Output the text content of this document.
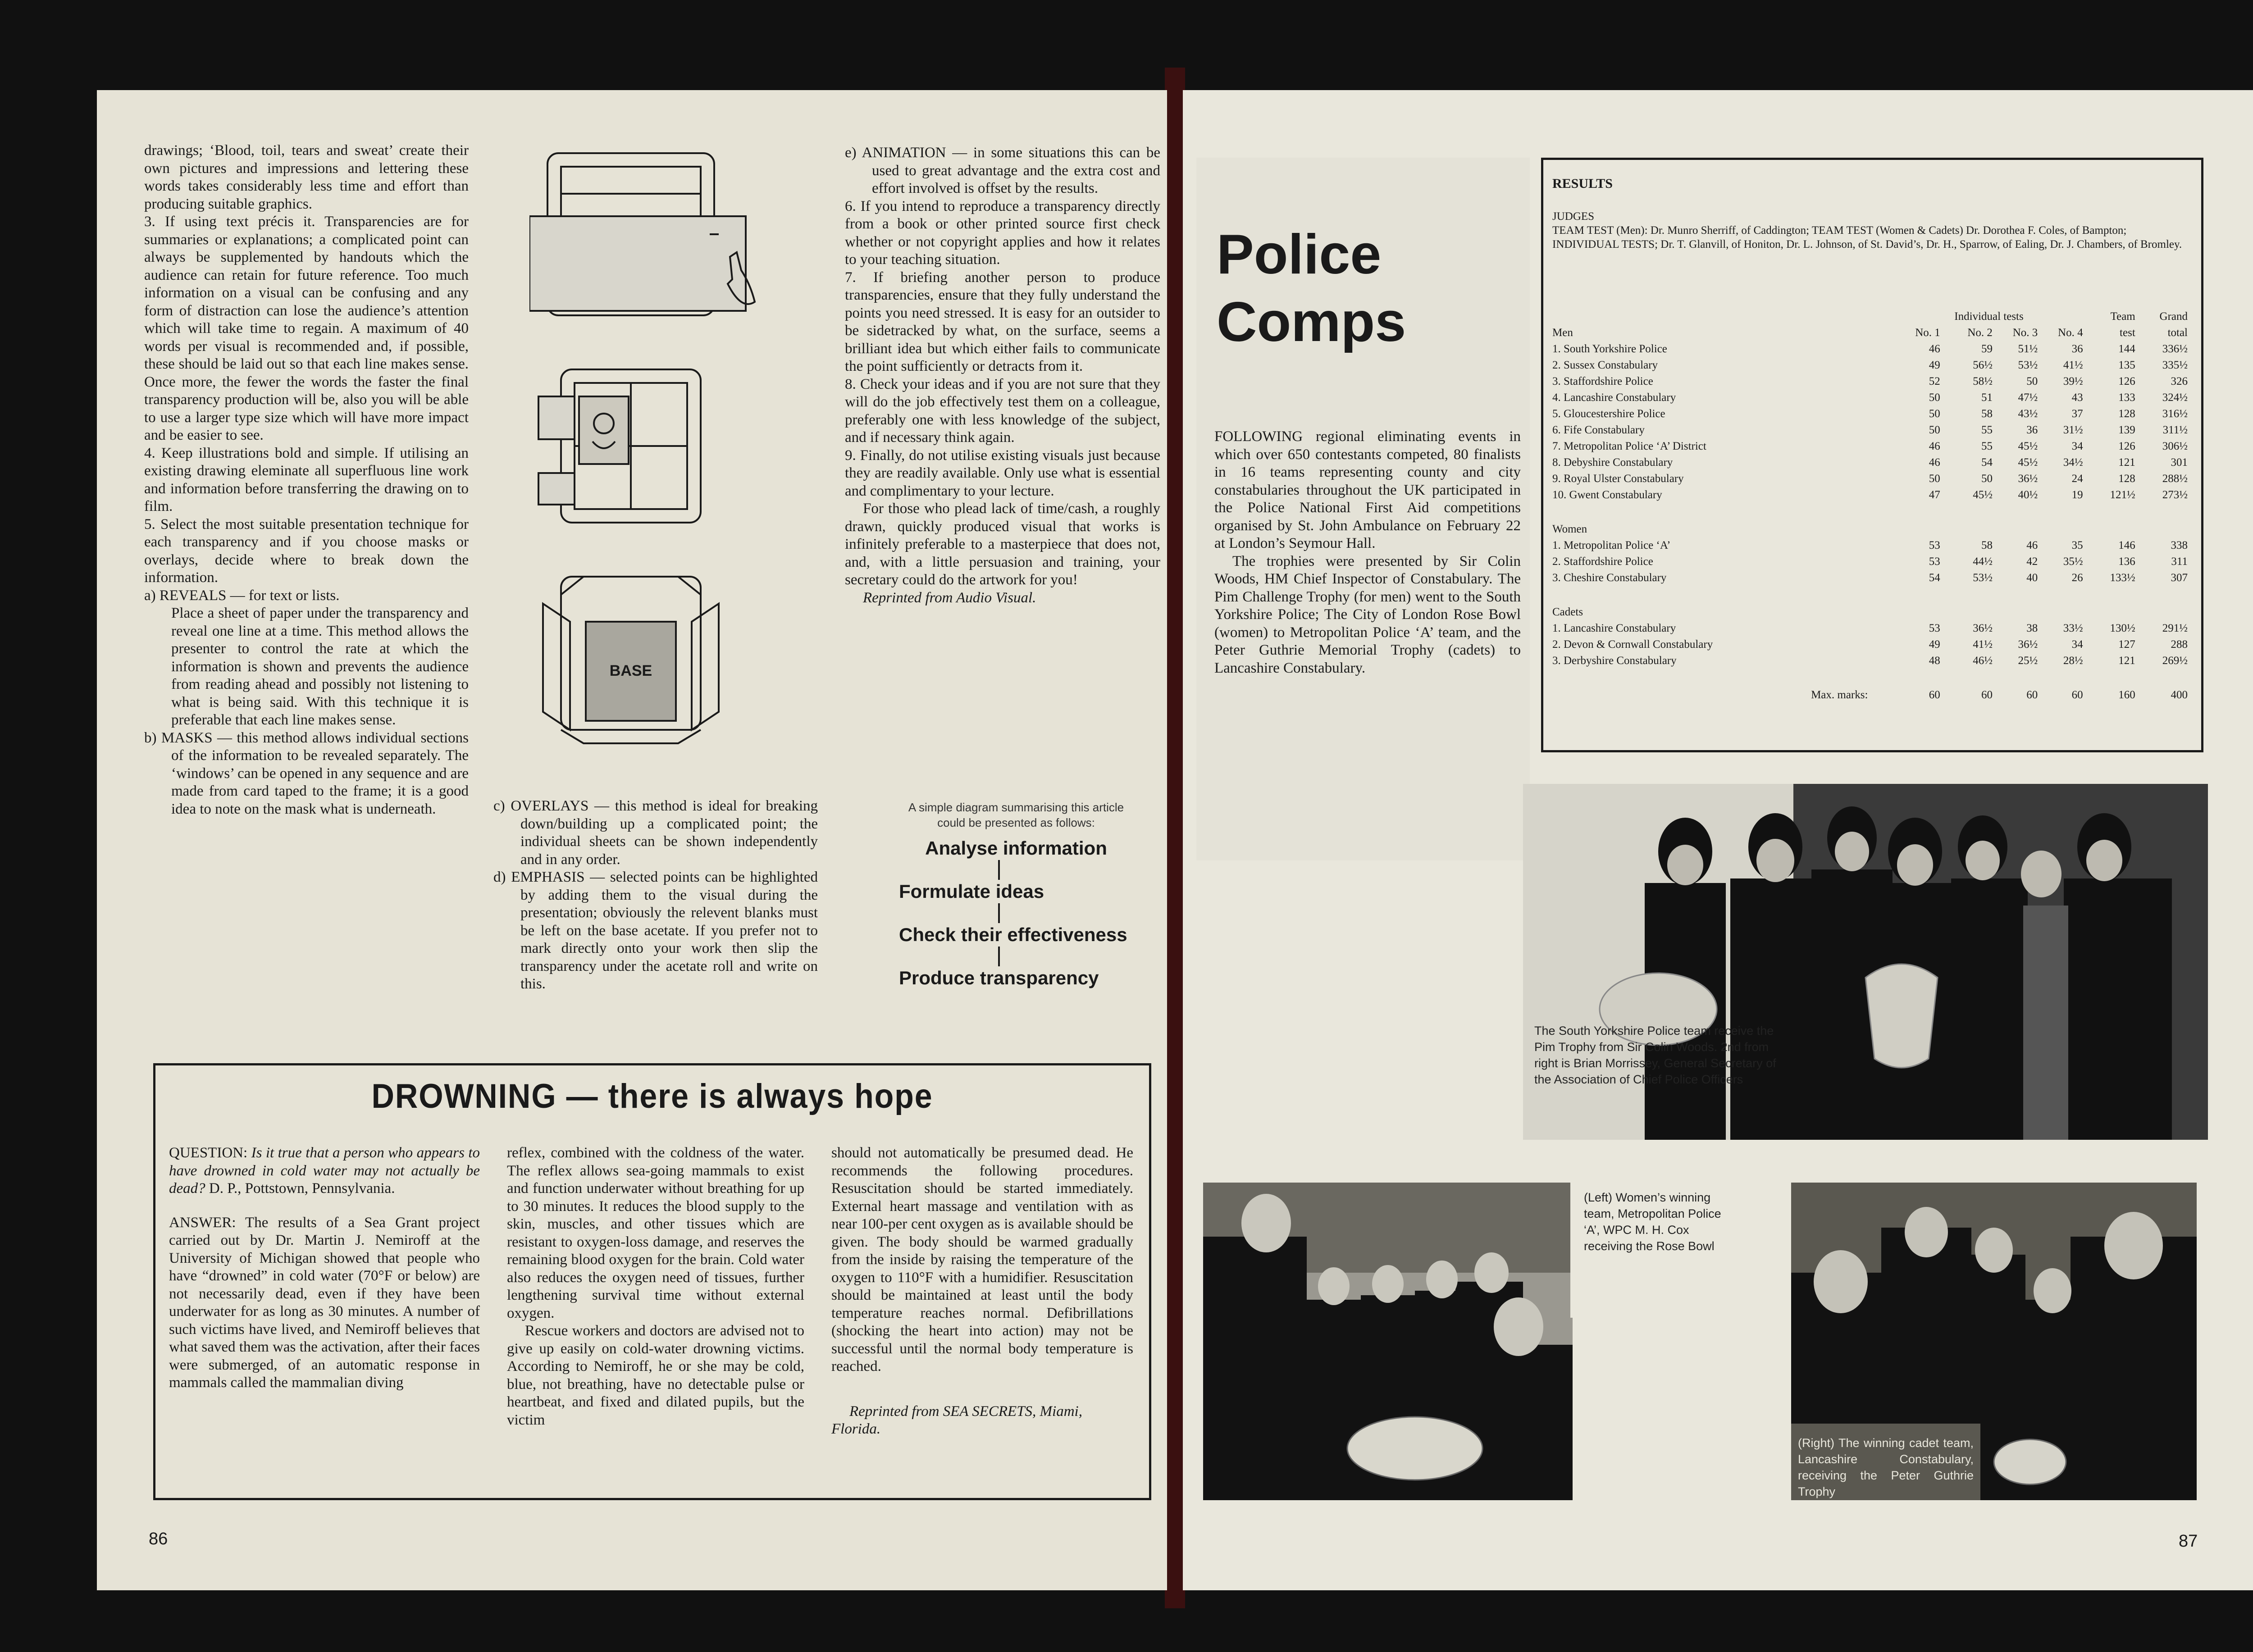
drawings; ‘Blood, toil, tears and sweat’ create their own pictures and impressions and lettering these words takes considerably less time and effort than producing suitable graphics.

3. If using text précis it. Transparencies are for summaries or explanations; a complicated point can always be supplemented by handouts which the audience can retain for future reference. Too much information on a visual can be confusing and any form of distraction can lose the audience’s attention which will take time to regain. A maximum of 40 words per visual is recommended and, if possible, these should be laid out so that each line makes sense. Once more, the fewer the words the faster the final transparency production will be, also you will be able to use a larger type size which will have more impact and be easier to see.

4. Keep illustrations bold and simple. If utilising an existing drawing eleminate all superfluous line work and information before transferring the drawing on to film.

5. Select the most suitable presentation technique for each transparency and if you choose masks or overlays, decide where to break down the information.

a) REVEALS — for text or lists.

Place a sheet of paper under the transparency and reveal one line at a time. This method allows the presenter to control the rate at which the information is shown and prevents the audience from reading ahead and possibly not listening to what is being said. With this technique it is preferable that each line makes sense.

b) MASKS — this method allows individual sections of the information to be revealed separately. The ‘windows’ can be opened in any sequence and are made from card taped to the frame; it is a good idea to note on the mask what is underneath.

BASE

c) OVERLAYS — this method is ideal for breaking down/building up a complicated point; the individual sheets can be shown independently and in any order.

d) EMPHASIS — selected points can be highlighted by adding them to the visual during the presentation; obviously the relevent blanks must be left on the base acetate. If you prefer not to mark directly onto your work then slip the transparency under the acetate roll and write on this.

e) ANIMATION — in some situations this can be used to great advantage and the extra cost and effort involved is offset by the results.

6. If you intend to reproduce a transparency directly from a book or other printed source first check whether or not copyright applies and how it relates to your teaching situation.

7. If briefing another person to produce transparencies, ensure that they fully understand the points you need stressed. It is easy for an outsider to be sidetracked by what, on the surface, seems a brilliant idea but which either fails to communicate the point sufficiently or detracts from it.

8. Check your ideas and if you are not sure that they will do the job effectively test them on a colleague, preferably one with less knowledge of the subject, and if necessary think again.

9. Finally, do not utilise existing visuals just because they are readily available. Only use what is essential and complimentary to your lecture.

For those who plead lack of time/cash, a roughly drawn, quickly produced visual that works is infinitely preferable to a masterpiece that does not, and, with a little persuasion and training, your secretary could do the artwork for you!

Reprinted from Audio Visual.

A simple diagram summarising this article could be presented as follows:
Analyse information
Formulate ideas
Check their effectiveness
Produce transparency
DROWNING — there is always hope

QUESTION: Is it true that a person who appears to have drowned in cold water may not actually be dead? D. P., Pottstown, Pennsylvania.

ANSWER: The results of a Sea Grant project carried out by Dr. Martin J. Nemiroff at the University of Michigan showed that people who have “drowned” in cold water (70°F or below) are not necessarily dead, even if they have been underwater for as long as 30 minutes. A number of such victims have lived, and Nemiroff believes that what saved them was the activation, after their faces were submerged, of an automatic response in mammals called the mammalian diving

reflex, combined with the coldness of the water. The reflex allows sea-going mammals to exist and function underwater without breathing for up to 30 minutes. It reduces the blood supply to the skin, muscles, and other tissues which are resistant to oxygen-loss damage, and reserves the remaining blood oxygen for the brain. Cold water also reduces the oxygen need of tissues, further lengthening survival time without external oxygen.

Rescue workers and doctors are advised not to give up easily on cold-water drowning victims. According to Nemiroff, he or she may be cold, blue, not breathing, have no detectable pulse or heartbeat, and fixed and dilated pupils, but the victim

should not automatically be presumed dead. He recommends the following procedures. Resuscitation should be started immediately. External heart massage and ventilation with as near 100-per cent oxygen as is available should be given. The body should be warmed gradually from the inside by raising the temperature of the oxygen to 110°F with a humidifier. Resuscitation should be maintained at least until the body temperature reaches normal. Defibrillations (shocking the heart into action) may not be successful until the normal body temperature is reached.

Reprinted from SEA SECRETS, Miami, Florida.

86
Police
Comps

FOLLOWING regional eliminating events in which over 650 contestants competed, 80 finalists in 16 teams representing county and city constabularies throughout the UK participated in the Police National First Aid competitions organised by St. John Ambulance on February 22 at London’s Seymour Hall.

The trophies were presented by Sir Colin Woods, HM Chief Inspector of Constabulary. The Pim Challenge Trophy (for men) went to the South Yorkshire Police; The City of London Rose Bowl (women) to Metropolitan Police ‘A’ team, and the Peter Guthrie Memorial Trophy (cadets) to Lancashire Constabulary.

RESULTS
JUDGES
TEAM TEST (Men): Dr. Munro Sherriff, of Caddington; TEAM TEST (Women & Cadets) Dr. Dorothea F. Coles, of Bampton; INDIVIDUAL TESTS; Dr. T. Glanvill, of Honiton, Dr. L. Johnson, of St. David’s, Dr. H., Sparrow, of Ealing, Dr. J. Chambers, of Bromley.
	Individual tests				Team	Grand
Men	No. 1	No. 2	No. 3	No. 4	test	total
1. South Yorkshire Police	46	59	51½	36	144	336½
2. Sussex Constabulary	49	56½	53½	41½	135	335½
3. Staffordshire Police	52	58½	50	39½	126	326
4. Lancashire Constabulary	50	51	47½	43	133	324½
5. Gloucestershire Police	50	58	43½	37	128	316½
6. Fife Constabulary	50	55	36	31½	139	311½
7. Metropolitan Police ‘A’ District	46	55	45½	34	126	306½
8. Debyshire Constabulary	46	54	45½	34½	121	301
9. Royal Ulster Constabulary	50	50	36½	24	128	288½
10. Gwent Constabulary	47	45½	40½	19	121½	273½

Women						
1. Metropolitan Police ‘A’	53	58	46	35	146	338
2. Staffordshire Police	53	44½	42	35½	136	311
3. Cheshire Constabulary	54	53½	40	26	133½	307

Cadets						
1. Lancashire Constabulary	53	36½	38	33½	130½	291½
2. Devon & Cornwall Constabulary	49	41½	36½	34	127	288
3. Derbyshire Constabulary	48	46½	25½	28½	121	269½

Max. marks:	60	60	60	60	160	400
The South Yorkshire Police team receive the Pim Trophy from Sir Colin Woods. 2nd from right is Brian Morrissey, General Secretary of the Association of Chief Police Officers
(Left) Women’s winning team, Metropolitan Police ‘A’, WPC M. H. Cox receiving the Rose Bowl
(Right) The winning cadet team, Lancashire Constabulary, receiving the Peter Guthrie Trophy
87
